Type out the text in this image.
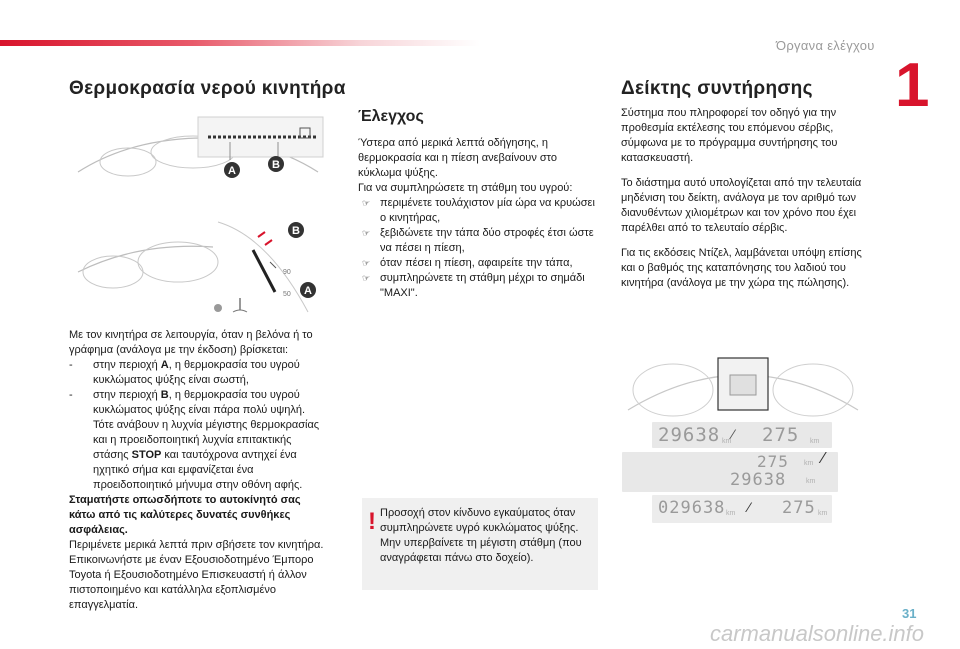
Όργανα ελέγχου
1
Θερμοκρασία νερού κινητήρα
A	B
90
50
B
A

Με τον κινητήρα σε λειτουργία, όταν η βελόνα ή το γράφημα (ανάλογα με την έκδοση) βρίσκεται:

- στην περιοχή A, η θερμοκρασία του υγρού κυκλώματος ψύξης είναι σωστή,
- στην περιοχή B, η θερμοκρασία του υγρού κυκλώματος ψύξης είναι πάρα πολύ υψηλή. Τότε ανάβουν η λυχνία μέγιστης θερμοκρασίας και η προειδοποιητική λυχνία επιτακτικής στάσης STOP και ταυτόχρονα αντηχεί ένα ηχητικό σήμα και εμφανίζεται ένα προειδοποιητικό μήνυμα στην οθόνη αφής.

Σταματήστε οπωσδήποτε το αυτοκίνητό σας κάτω από τις καλύτερες δυνατές συνθήκες ασφάλειας.

Περιμένετε μερικά λεπτά πριν σβήσετε τον κινητήρα.

Επικοινωνήστε με έναν Εξουσιοδοτημένο Έμπορο Toyota ή Εξουσιοδοτημένο Επισκευαστή ή άλλον πιστοποιημένο και κατάλληλα εξοπλισμένο επαγγελματία.

Έλεγχος

Ύστερα από μερικά λεπτά οδήγησης, η θερμοκρασία και η πίεση ανεβαίνουν στο κύκλωμα ψύξης.

Για να συμπληρώσετε τη στάθμη του υγρού:

☞ περιμένετε τουλάχιστον μία ώρα να κρυώσει ο κινητήρας,
☞ ξεβιδώνετε την τάπα δύο στροφές έτσι ώστε να πέσει η πίεση,
☞ όταν πέσει η πίεση, αφαιρείτε την τάπα,
☞ συμπληρώνετε τη στάθμη μέχρι το σημάδι "MAXI".
! Προσοχή στον κίνδυνο εγκαύματος όταν συμπληρώνετε υγρό κυκλώματος ψύξης. Μην υπερβαίνετε τη μέγιστη στάθμη (που αναγράφεται πάνω στο δοχείο).
Δείκτης συντήρησης

Σύστημα που πληροφορεί τον οδηγό για την προθεσμία εκτέλεσης του επόμενου σέρβις, σύμφωνα με το πρόγραμμα συντήρησης του κατασκευαστή.

Το διάστημα αυτό υπολογίζεται από την τελευταία μηδένιση του δείκτη, ανάλογα με τον αριθμό των διανυθέντων χιλιομέτρων και τον χρόνο που έχει παρέλθει από το τελευταίο σέρβις.

Για τις εκδόσεις Ντίζελ, λαμβάνεται υπόψη επίσης και ο βαθμός της καταπόνησης του λαδιού του κινητήρα (ανάλογα με την χώρα της πώλησης).

29638 km ⁄ 275 km
275 km ⁄
29638	km
029638 km ⁄ 275 km
31
carmanualsonline.info
